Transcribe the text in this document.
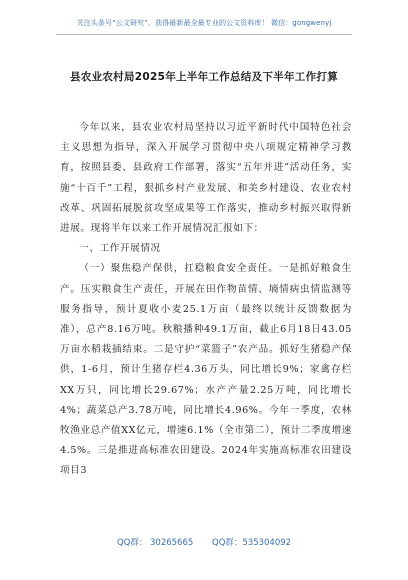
关注头条号“公文研究”，获得最新最全最专业的公文资料库！ 微信：gongwenyj
县农业农村局2025年上半年工作总结及下半年工作打算

今年以来，县农业农村局坚持以习近平新时代中国特色社会主义思想为指导，深入开展学习贯彻中央八项规定精神学习教育，按照县委、县政府工作部署，落实“五年并进”活动任务，实施“十百千”工程，狠抓乡村产业发展、和美乡村建设、农业农村改革、巩固拓展脱贫攻坚成果等工作落实，推动乡村振兴取得新进展。现将半年以来工作开展情况汇报如下：

一、工作开展情况

（一）聚焦稳产保供，扛稳粮食安全责任。一是抓好粮食生产。压实粮食生产责任，开展在田作物苗情、墒情病虫情监测等服务指导，预计夏收小麦25.1万亩（最终以统计反馈数据为准），总产8.16万吨。秋粮播种49.1万亩，截止6月18日43.05万亩水稻栽插结束。二是守护“菜篮子”农产品。抓好生猪稳产保供，1-6月，预计生猪存栏4.36万头，同比增长9%；家禽存栏XX万只，同比增长29.67%；水产产量2.25万吨，同比增长4%；蔬菜总产3.78万吨，同比增长4.96%。今年一季度，农林牧渔业总产值XX亿元，增速6.1%（全市第二），预计二季度增速4.5%。三是推进高标准农田建设。2024年实施高标准农田建设项目3

QQ群： 30265665 QQ群：535304092
